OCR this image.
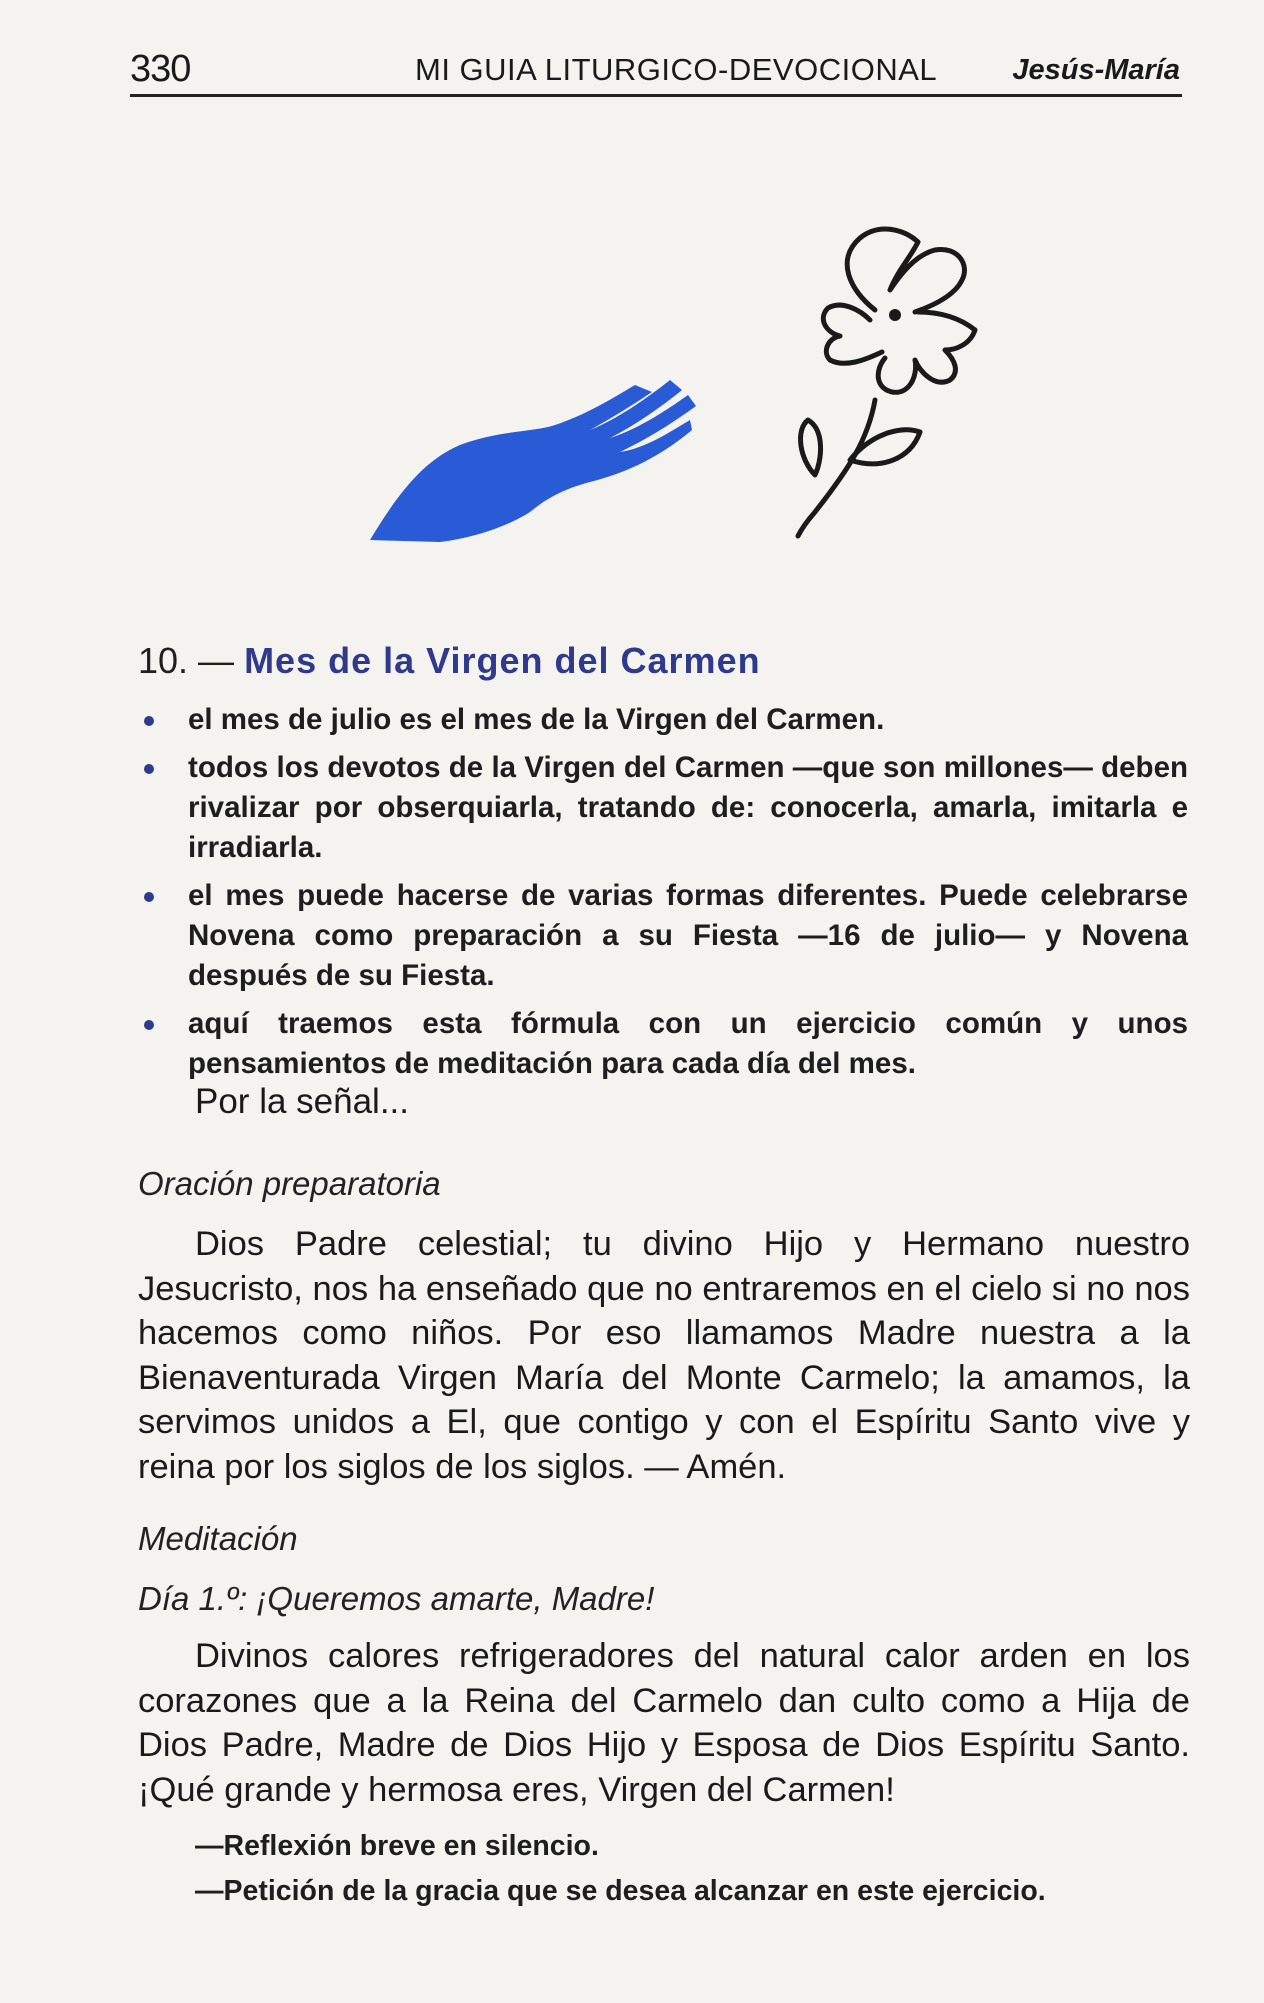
330	MI GUIA LITURGICO-DEVOCIONAL	Jesús-María
10. — Mes de la Virgen del Carmen
el mes de julio es el mes de la Virgen del Carmen.
todos los devotos de la Virgen del Carmen —que son millones— deben rivalizar por obserquiarla, tratando de: conocerla, amarla, imitarla e irradiarla.
el mes puede hacerse de varias formas diferentes. Puede celebrarse Novena como preparación a su Fiesta —16 de julio— y Novena después de su Fiesta.
aquí traemos esta fórmula con un ejercicio común y unos pensamientos de meditación para cada día del mes.
Por la señal...
Oración preparatoria

Dios Padre celestial; tu divino Hijo y Hermano nuestro Jesucristo, nos ha enseñado que no entraremos en el cielo si no nos hacemos como niños. Por eso llamamos Madre nuestra a la Bienaventurada Virgen María del Monte Carmelo; la amamos, la servimos unidos a El, que contigo y con el Espíritu Santo vive y reina por los siglos de los siglos. — Amén.

Meditación
Día 1.º: ¡Queremos amarte, Madre!

Divinos calores refrigeradores del natural calor arden en los corazones que a la Reina del Carmelo dan culto como a Hija de Dios Padre, Madre de Dios Hijo y Esposa de Dios Espíritu Santo. ¡Qué grande y hermosa eres, Virgen del Carmen!

—Reflexión breve en silencio.
—Petición de la gracia que se desea alcanzar en este ejercicio.
